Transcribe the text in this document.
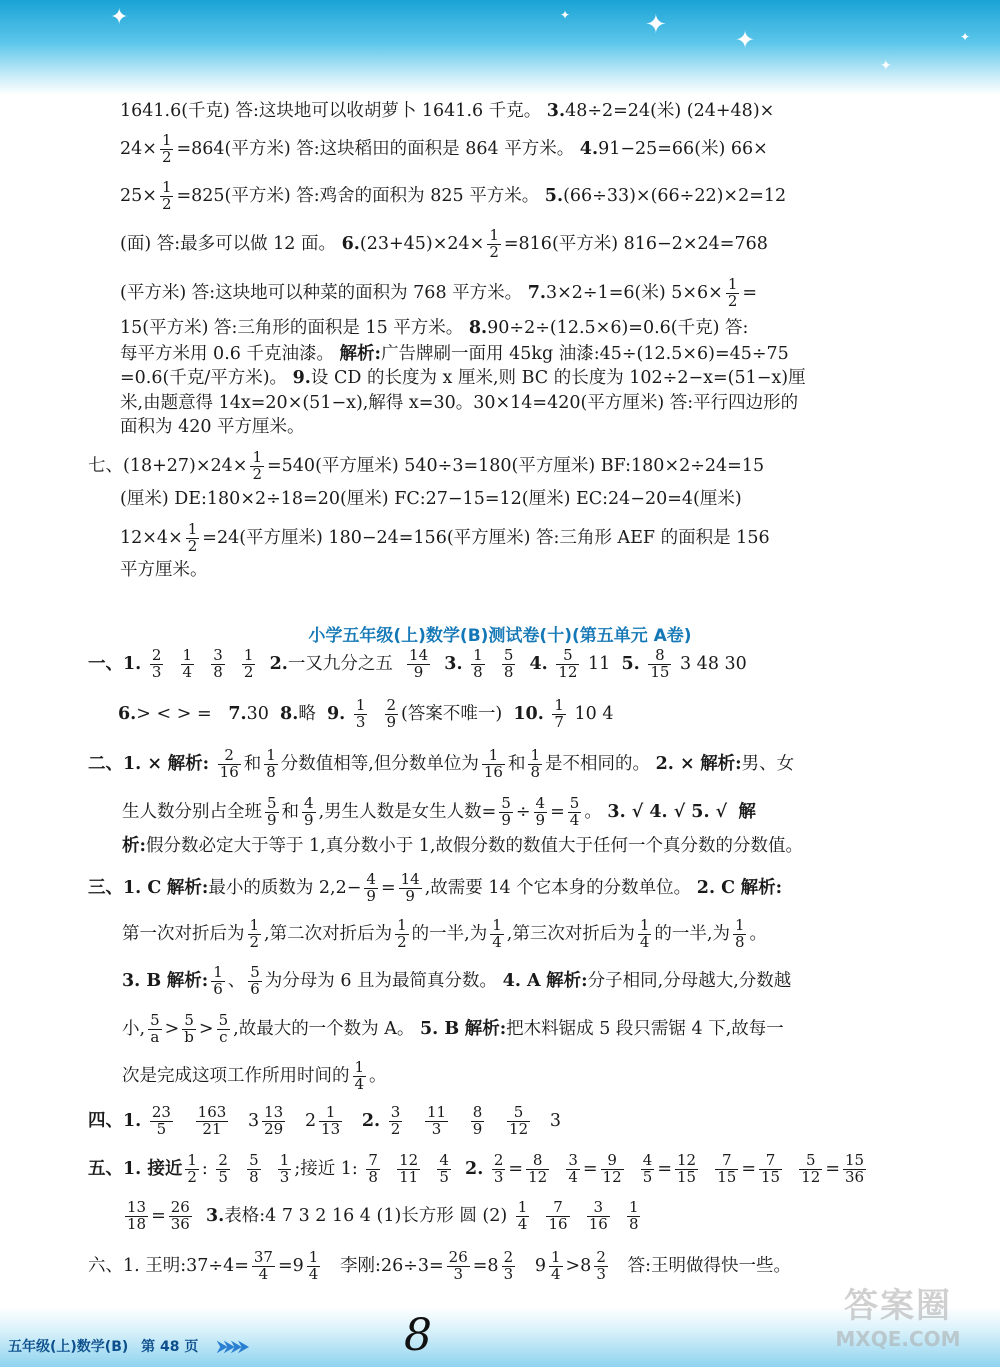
✦	✦	✦
✦
✦
✦
1641.6(千克) 答:这块地可以收胡萝卜 1641.6 千克。 3.48÷2=24(米) (24+48)×
$24\times \frac{1}{2} =864$(平方米) 答:这块稻田的面积是 864 平方米。 4.91−25=66(米) 66×
$25\times \frac{1}{2} =825$(平方米) 答:鸡舍的面积为 825 平方米。 5.(66÷33)×(66÷22)×2=12
(面) 答:最多可以做 12 面。 $6.(23+45)\times 24\times \frac{1}{2} =816$(平方米) 816−2×24=768
(平方米) 答:这块地可以种菜的面积为 768 平方米。 7.3×2÷1=6(米) $5\times 6\times \frac{1}{2}$ =
15(平方米) 答:三角形的面积是 15 平方米。 8.90÷2÷(12.5×6)=0.6(千克) 答:
每平方米用 0.6 千克油漆。 解析:广告牌刷一面用 45kg 油漆:45÷(12.5×6)=45÷75
=0.6(千克/平方米)。 9.设 CD 的长度为 x 厘米,则 BC 的长度为 102÷2−x=(51−x)厘
米,由题意得 14x=20×(51−x),解得 x=30。30×14=420(平方厘米) 答:平行四边形的
面积为 420 平方厘米。
七、$(18+27)\times 24\times \frac{1}{2} =540$(平方厘米) 540÷3=180(平方厘米) BF:180×2÷24=15
(厘米) DE:180×2÷18=20(厘米) FC:27−15=12(厘米) EC:24−20=4(厘米)
$12\times 4\times \frac{1}{2} =24$(平方厘米) 180−24=156(平方厘米) 答:三角形 AEF 的面积是 156
平方厘米。
小学五年级(上)数学(B)测试卷(十)(第五单元 A卷)
一、1. $\frac{2}{3}$
$\frac{1}{4}$
$\frac{3}{8}$
$\frac{1}{2} 2$.一又九分之五 $\frac{14}{9} 3$. $\frac{1}{8}$
$\frac{5}{8} 4$. $\frac{5}{12} 11$ 5. $\frac{8}{15} 3$ 48 30
6.> < > = 7.30 8.略 9. $\frac{1}{3}$
$\frac{2}{9}$ (答案不唯一) 10. $\frac{1}{7} 10$ 4
二、1. × 解析: $\frac{2}{16}$ 和 $\frac{1}{8}$ 分数值相等,但分数单位为 $\frac{1}{16}$ 和 $\frac{1}{8}$ 是不相同的。 2. × 解析:男、女
生人数分别占全班 $\frac{5}{9}$ 和 $\frac{4}{9}$ ,男生人数是女生人数= $\frac{5}{9} \div \frac{4}{9} = \frac{5}{4}$ 。 3. √ 4. √ 5. √ 解
析:假分数必定大于等于 1,真分数小于 1,故假分数的数值大于任何一个真分数的分数值。
三、1. C 解析:最小的质数为 $2,2- \frac{4}{9} = \frac{14}{9}$ ,故需要 14 个它本身的分数单位。 2. C 解析:
第一次对折后为 $\frac{1}{2}$ ,第二次对折后为 $\frac{1}{2}$ 的一半,为 $\frac{1}{4}$ ,第三次对折后为 $\frac{1}{4}$ 的一半,为 $\frac{1}{8}$ 。
3. B 解析: $\frac{1}{6}$ 、 $\frac{5}{6}$ 为分母为 6 且为最简真分数。 4. A 解析:分子相同,分母越大,分数越
小, $\frac{5}{a} > \frac{5}{b} > \frac{5}{c}$ ,故最大的一个数为 A。 5. B 解析:把木料锯成 5 段只需锯 4 下,故每一
次是完成这项工作所用时间的 $\frac{1}{4}$ 。
四、1. $\frac{23}{5}$
$\frac{163}{21} 3 \frac{13}{29} 2 \frac{1}{13} 2$. $\frac{3}{2}$
$\frac{11}{3}$
$\frac{8}{9}$
$\frac{5}{12} 3$
五、1. 接近 $\frac{1}{2}$ : $\frac{2}{5}$
$\frac{5}{8}$
$\frac{1}{3}$ ;接近 1: $\frac{7}{8}$
$\frac{12}{11}$
$\frac{4}{5} 2$. $\frac{2}{3} = \frac{8}{12}$
$\frac{3}{4} = \frac{9}{12}$
$\frac{4}{5} = \frac{12}{15}$
$\frac{7}{15} = \frac{7}{15}$
$\frac{5}{12} = \frac{15}{36}$
$\frac{13}{18} = \frac{26}{36} 3$.表格:4 7 3 2 16 4 (1)长方形 圆 $(2) \frac{1}{4}$
$\frac{7}{16}$
$\frac{3}{16}$
$\frac{1}{8}$
六、1. 王明:37÷4= $\frac{37}{4} =9 \frac{1}{4}$ 李刚:26÷3= $\frac{26}{3} =8 \frac{2}{3} 9 \frac{1}{4} >8 \frac{2}{3}$ 答:王明做得快一些。
五年级(上)数学(B) 第 48 页 ⮞⮞⮞⮞	8
答案圈
MXQE.COM
